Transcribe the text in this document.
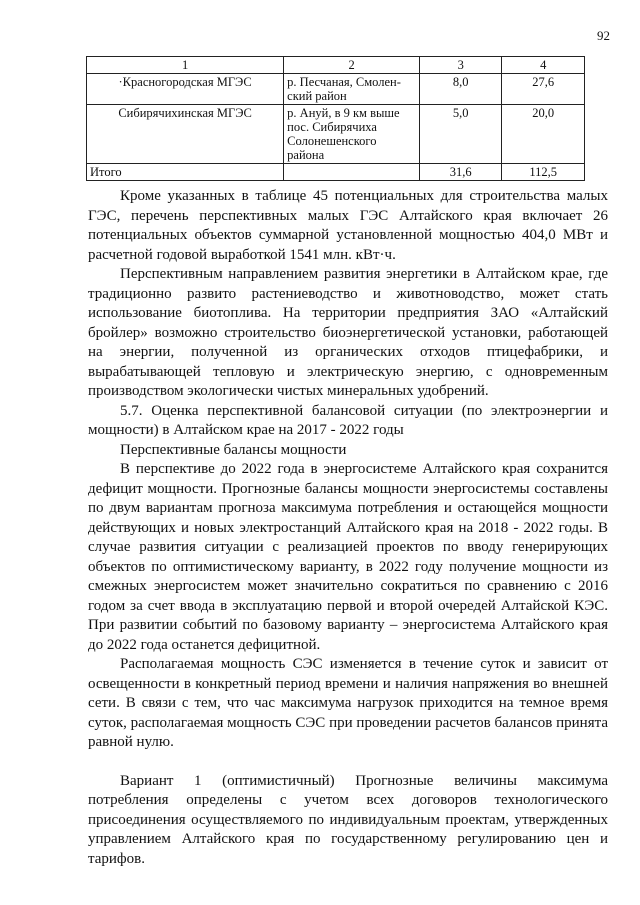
92
1	2	3	4
·Красногородская МГЭС	р. Песчаная, Смолен-ский район	8,0	27,6
Сибирячихинская МГЭС	р. Ануй, в 9 км выше пос. Сибирячиха Солонешенского района	5,0	20,0
Итого		31,6	112,5

Кроме указанных в таблице 45 потенциальных для строительства малых ГЭС, перечень перспективных малых ГЭС Алтайского края включает 26 потенциальных объектов суммарной установленной мощностью 404,0 МВт и расчетной годовой выработкой 1541 млн. кВт·ч.

Перспективным направлением развития энергетики в Алтайском крае, где традиционно развито растениеводство и животноводство, может стать использование биотоплива. На территории предприятия ЗАО «Алтайский бройлер» возможно строительство биоэнергетической установки, работающей на энергии, полученной из органических отходов птицефабрики, и вырабатывающей тепловую и электрическую энергию, с одновременным производством экологически чистых минеральных удобрений.

5.7. Оценка перспективной балансовой ситуации (по электроэнергии и мощности) в Алтайском крае на 2017 - 2022 годы

Перспективные балансы мощности

В перспективе до 2022 года в энергосистеме Алтайского края сохранится дефицит мощности. Прогнозные балансы мощности энергосистемы составлены по двум вариантам прогноза максимума потребления и остающейся мощности действующих и новых электростанций Алтайского края на 2018 - 2022 годы. В случае развития ситуации с реализацией проектов по вводу генерирующих объектов по оптимистическому варианту, в 2022 году получение мощности из смежных энергосистем может значительно сократиться по сравнению с 2016 годом за счет ввода в эксплуатацию первой и второй очередей Алтайской КЭС. При развитии событий по базовому варианту – энергосистема Алтайского края до 2022 года останется дефицитной.

Располагаемая мощность СЭС изменяется в течение суток и зависит от освещенности в конкретный период времени и наличия напряжения во внешней сети. В связи с тем, что час максимума нагрузок приходится на темное время суток, располагаемая мощность СЭС при проведении расчетов балансов принята равной нулю.

Вариант 1 (оптимистичный) Прогнозные величины максимума потребления определены с учетом всех договоров технологического присоединения осуществляемого по индивидуальным проектам, утвержденных управлением Алтайского края по государственному регулированию цен и тарифов.
